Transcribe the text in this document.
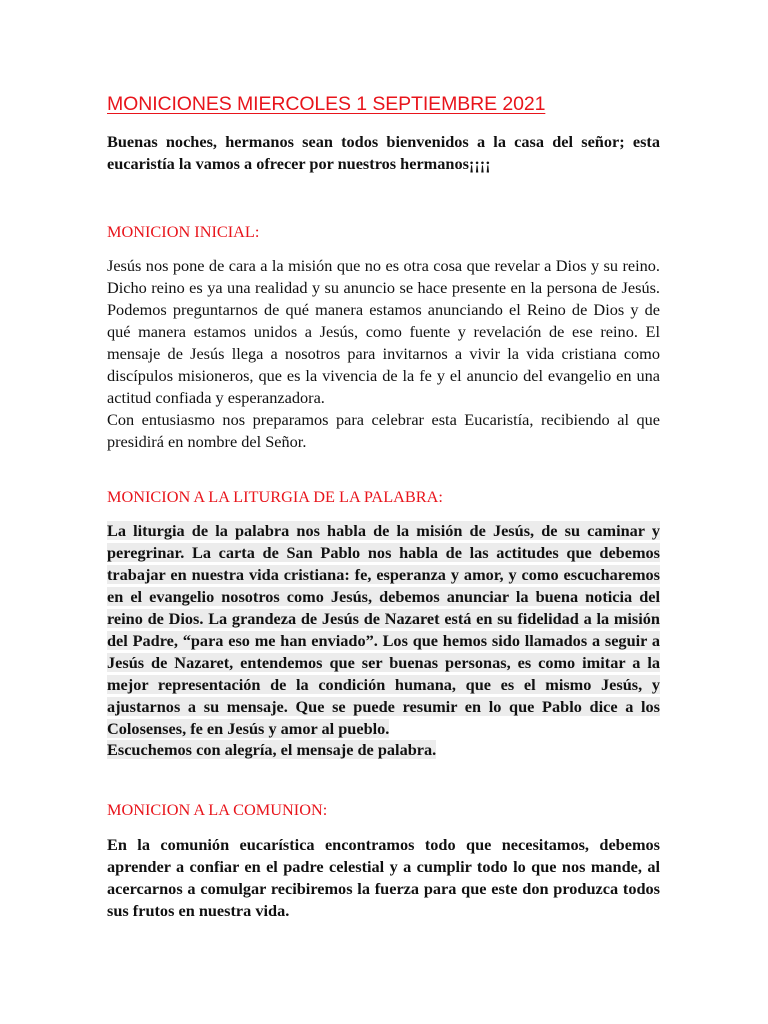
MONICIONES MIERCOLES 1 SEPTIEMBRE 2021

Buenas noches, hermanos sean todos bienvenidos a la casa del señor; esta eucaristía la vamos a ofrecer por nuestros hermanos¡¡¡¡

MONICION INICIAL:

Jesús nos pone de cara a la misión que no es otra cosa que revelar a Dios y su reino. Dicho reino es ya una realidad y su anuncio se hace presente en la persona de Jesús. Podemos preguntarnos de qué manera estamos anunciando el Reino de Dios y de qué manera estamos unidos a Jesús, como fuente y revelación de ese reino. El mensaje de Jesús llega a nosotros para invitarnos a vivir la vida cristiana como discípulos misioneros, que es la vivencia de la fe y el anuncio del evangelio en una actitud confiada y esperanzadora.

Con entusiasmo nos preparamos para celebrar esta Eucaristía, recibiendo al que presidirá en nombre del Señor.

MONICION A LA LITURGIA DE LA PALABRA:

La liturgia de la palabra nos habla de la misión de Jesús, de su caminar y peregrinar. La carta de San Pablo nos habla de las actitudes que debemos trabajar en nuestra vida cristiana: fe, esperanza y amor, y como escucharemos en el evangelio nosotros como Jesús, debemos anunciar la buena noticia del reino de Dios. La grandeza de Jesús de Nazaret está en su fidelidad a la misión del Padre, “para eso me han enviado”. Los que hemos sido llamados a seguir a Jesús de Nazaret, entendemos que ser buenas personas, es como imitar a la mejor representación de la condición humana, que es el mismo Jesús, y ajustarnos a su mensaje. Que se puede resumir en lo que Pablo dice a los Colosenses, fe en Jesús y amor al pueblo.

Escuchemos con alegría, el mensaje de palabra.

MONICION A LA COMUNION:

En la comunión eucarística encontramos todo que necesitamos, debemos aprender a confiar en el padre celestial y a cumplir todo lo que nos mande, al acercarnos a comulgar recibiremos la fuerza para que este don produzca todos sus frutos en nuestra vida.
